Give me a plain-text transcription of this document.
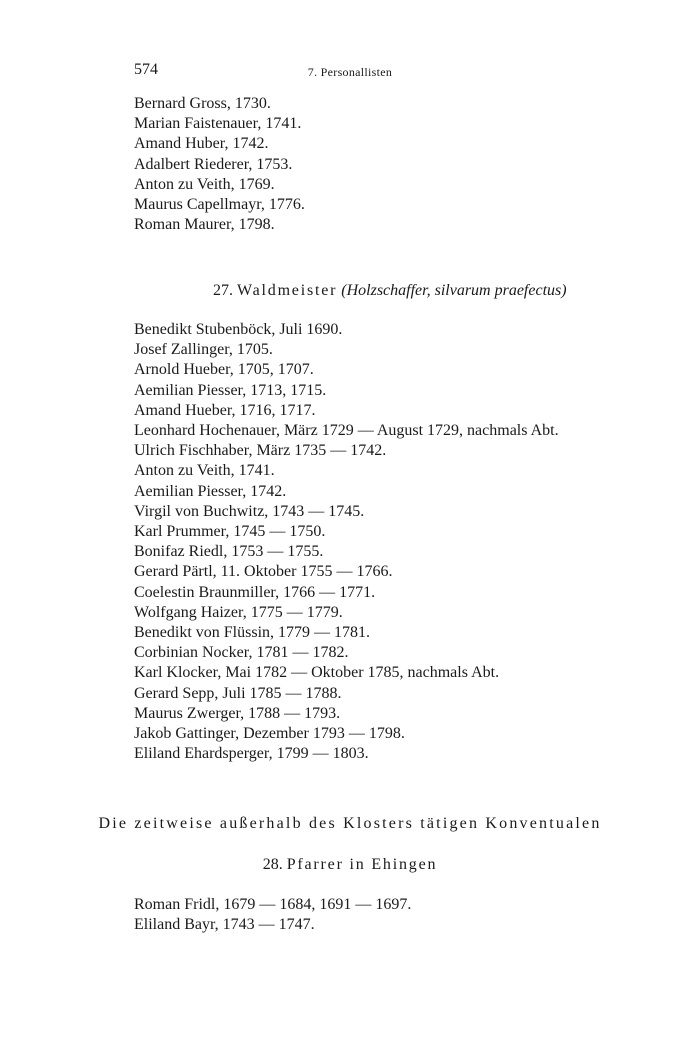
574	7. Personallisten
Bernard Gross, 1730.
Marian Faistenauer, 1741.
Amand Huber, 1742.
Adalbert Riederer, 1753.
Anton zu Veith, 1769.
Maurus Capellmayr, 1776.
Roman Maurer, 1798.
27. Waldmeister (Holzschaffer, silvarum praefectus)
Benedikt Stubenböck, Juli 1690.
Josef Zallinger, 1705.
Arnold Hueber, 1705, 1707.
Aemilian Piesser, 1713, 1715.
Amand Hueber, 1716, 1717.
Leonhard Hochenauer, März 1729 — August 1729, nachmals Abt.
Ulrich Fischhaber, März 1735 — 1742.
Anton zu Veith, 1741.
Aemilian Piesser, 1742.
Virgil von Buchwitz, 1743 — 1745.
Karl Prummer, 1745 — 1750.
Bonifaz Riedl, 1753 — 1755.
Gerard Pärtl, 11. Oktober 1755 — 1766.
Coelestin Braunmiller, 1766 — 1771.
Wolfgang Haizer, 1775 — 1779.
Benedikt von Flüssin, 1779 — 1781.
Corbinian Nocker, 1781 — 1782.
Karl Klocker, Mai 1782 — Oktober 1785, nachmals Abt.
Gerard Sepp, Juli 1785 — 1788.
Maurus Zwerger, 1788 — 1793.
Jakob Gattinger, Dezember 1793 — 1798.
Eliland Ehardsperger, 1799 — 1803.
Die zeitweise außerhalb des Klosters tätigen Konventualen
28. Pfarrer in Ehingen
Roman Fridl, 1679 — 1684, 1691 — 1697.
Eliland Bayr, 1743 — 1747.
